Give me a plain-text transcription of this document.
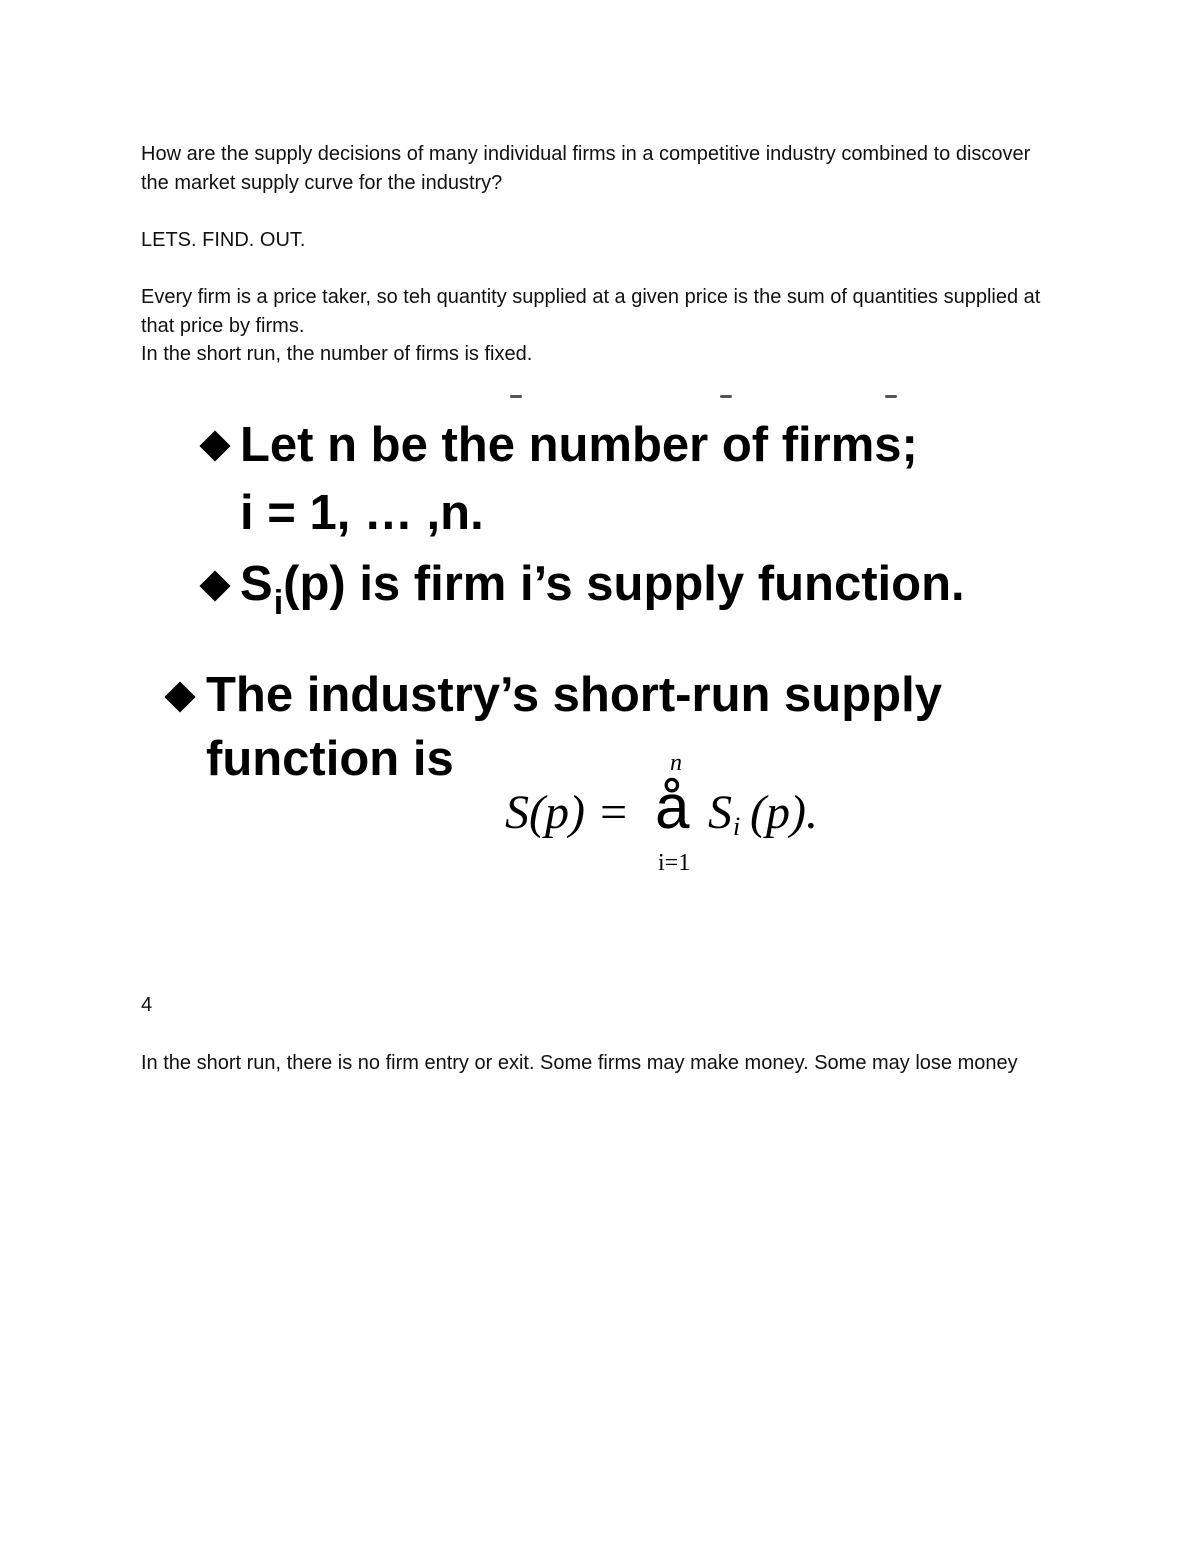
How are the supply decisions of many individual firms in a competitive industry combined to discover the market supply curve for the industry?

LETS. FIND. OUT.

Every firm is a price taker, so teh quantity supplied at a given price is the sum of quantities supplied at that price by firms.
In the short run, the number of firms is fixed.
Let n be the number of firms;
i = 1, … ,n.
$S_i(p)$ is firm i’s supply function.
The industry’s short-run supply
function is	n
S(p) = å S i (p).
i=1

4

In the short run, there is no firm entry or exit. Some firms may make money. Some may lose money
